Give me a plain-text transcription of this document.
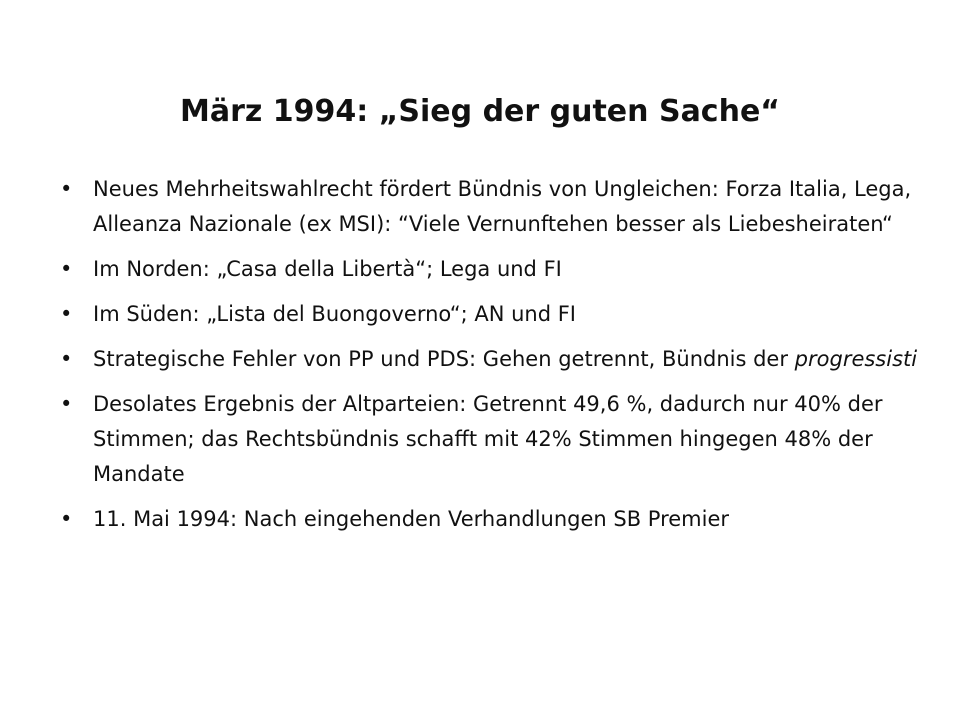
März 1994: „Sieg der guten Sache“
• Neues Mehrheitswahlrecht fördert Bündnis von Ungleichen: Forza Italia, Lega, Alleanza Nazionale (ex MSI): “Viele Vernunftehen besser als Liebesheiraten“
• Im Norden: „Casa della Libertà“; Lega und FI
• Im Süden: „Lista del Buongoverno“; AN und FI
• Strategische Fehler von PP und PDS: Gehen getrennt, Bündnis der progressisti
• Desolates Ergebnis der Altparteien: Getrennt 49,6 %, dadurch nur 40% der Stimmen; das Rechtsbündnis schafft mit 42% Stimmen hingegen 48% der Mandate
• 11. Mai 1994: Nach eingehenden Verhandlungen SB Premier
